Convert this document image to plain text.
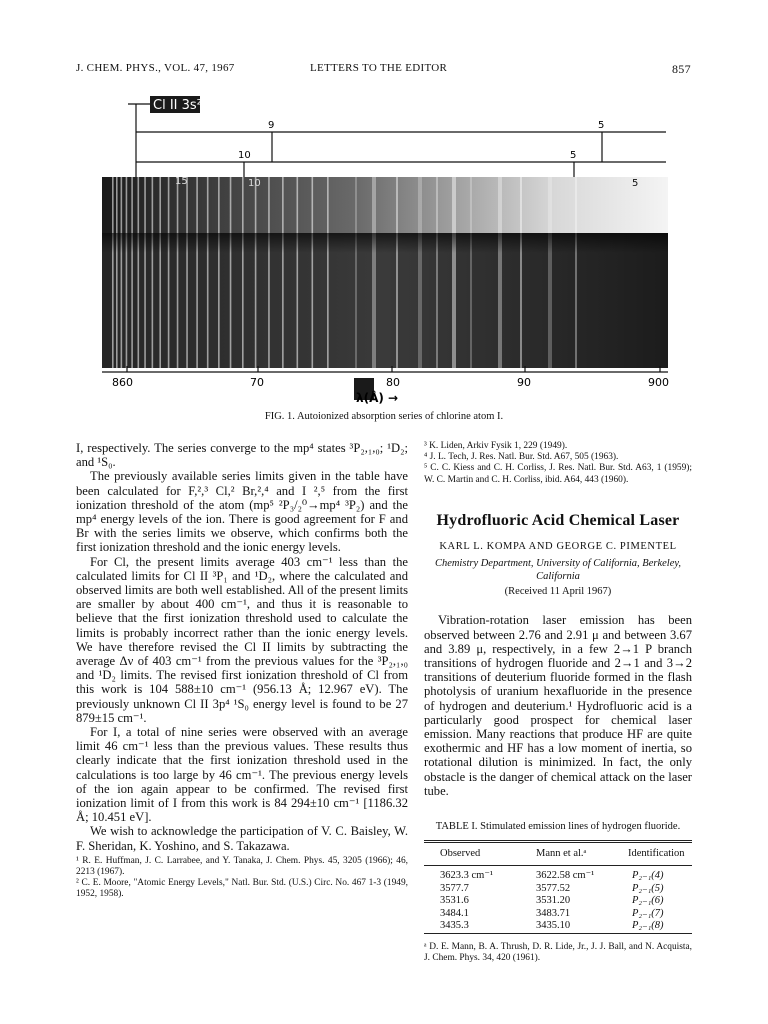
J. CHEM. PHYS., VOL. 47, 1967	LETTERS TO THE EDITOR	857
Cl II 3s²3p⁴ ¹D₂
9	5
10	5
15	10	5
860	70	80	90	900
λ(Å) →
FIG. 1. Autoionized absorption series of chlorine atom I.

I, respectively. The series converge to the mp⁴ states ³P₂,₁,₀; ¹D₂; and ¹S₀.

The previously available series limits given in the table have been calculated for F,²,³ Cl,² Br,²,⁴ and I ²,⁵ from the first ionization threshold of the atom (mp⁵ ²P₃/₂⁰→mp⁴ ³P₂) and the mp⁴ energy levels of the ion. There is good agreement for F and Br with the series limits we observe, which confirms both the first ionization threshold and the ionic energy levels.

For Cl, the present limits average 403 cm⁻¹ less than the calculated limits for Cl II ³P₁ and ¹D₂, where the calculated and observed limits are both well established. All of the present limits are smaller by about 400 cm⁻¹, and thus it is reasonable to believe that the first ionization threshold used to calculate the limits is probably incorrect rather than the ionic energy levels. We have therefore revised the Cl II limits by subtracting the average Δν of 403 cm⁻¹ from the previous values for the ³P₂,₁,₀ and ¹D₂ limits. The revised first ionization threshold of Cl from this work is 104 588±10 cm⁻¹ (956.13 Å; 12.967 eV). The previously unknown Cl II 3p⁴ ¹S₀ energy level is found to be 27 879±15 cm⁻¹.

For I, a total of nine series were observed with an average limit 46 cm⁻¹ less than the previous values. These results thus clearly indicate that the first ionization threshold used in the calculations is too large by 46 cm⁻¹. The previous energy levels of the ion again appear to be confirmed. The revised first ionization limit of I from this work is 84 294±10 cm⁻¹ [1186.32 Å; 10.451 eV].

We wish to acknowledge the participation of V. C. Baisley, W. F. Sheridan, K. Yoshino, and S. Takazawa.

¹ R. E. Huffman, J. C. Larrabee, and Y. Tanaka, J. Chem. Phys. 45, 3205 (1966); 46, 2213 (1967).

² C. E. Moore, "Atomic Energy Levels," Natl. Bur. Std. (U.S.) Circ. No. 467 1-3 (1949, 1952, 1958).

³ K. Liden, Arkiv Fysik 1, 229 (1949).

⁴ J. L. Tech, J. Res. Natl. Bur. Std. A67, 505 (1963).

⁵ C. C. Kiess and C. H. Corliss, J. Res. Natl. Bur. Std. A63, 1 (1959); W. C. Martin and C. H. Corliss, ibid. A64, 443 (1960).

Hydrofluoric Acid Chemical Laser

KARL L. KOMPA AND GEORGE C. PIMENTEL

Chemistry Department, University of California, Berkeley, California

(Received 11 April 1967)

Vibration-rotation laser emission has been observed between 2.76 and 2.91 μ and between 3.67 and 3.89 μ, respectively, in a few 2→1 P branch transitions of hydrogen fluoride and 2→1 and 3→2 transitions of deuterium fluoride formed in the flash photolysis of uranium hexafluoride in the presence of hydrogen and deuterium.¹ Hydrofluoric acid is a particularly good prospect for chemical laser emission. Many reactions that produce HF are quite exothermic and HF has a low moment of inertia, so rotational dilution is minimized. In fact, the only obstacle is the danger of chemical attack on the laser tube.

TABLE I. Stimulated emission lines of hydrogen fluoride.

Observed	Mann et al.ᵃ	Identification

3623.3 cm⁻¹	3622.58 cm⁻¹	P₂₋₁(4)
3577.7	3577.52	P₂₋₁(5)
3531.6	3531.20	P₂₋₁(6)
3484.1	3483.71	P₂₋₁(7)
3435.3	3435.10	P₂₋₁(8)

ᵃ D. E. Mann, B. A. Thrush, D. R. Lide, Jr., J. J. Ball, and N. Acquista, J. Chem. Phys. 34, 420 (1961).
